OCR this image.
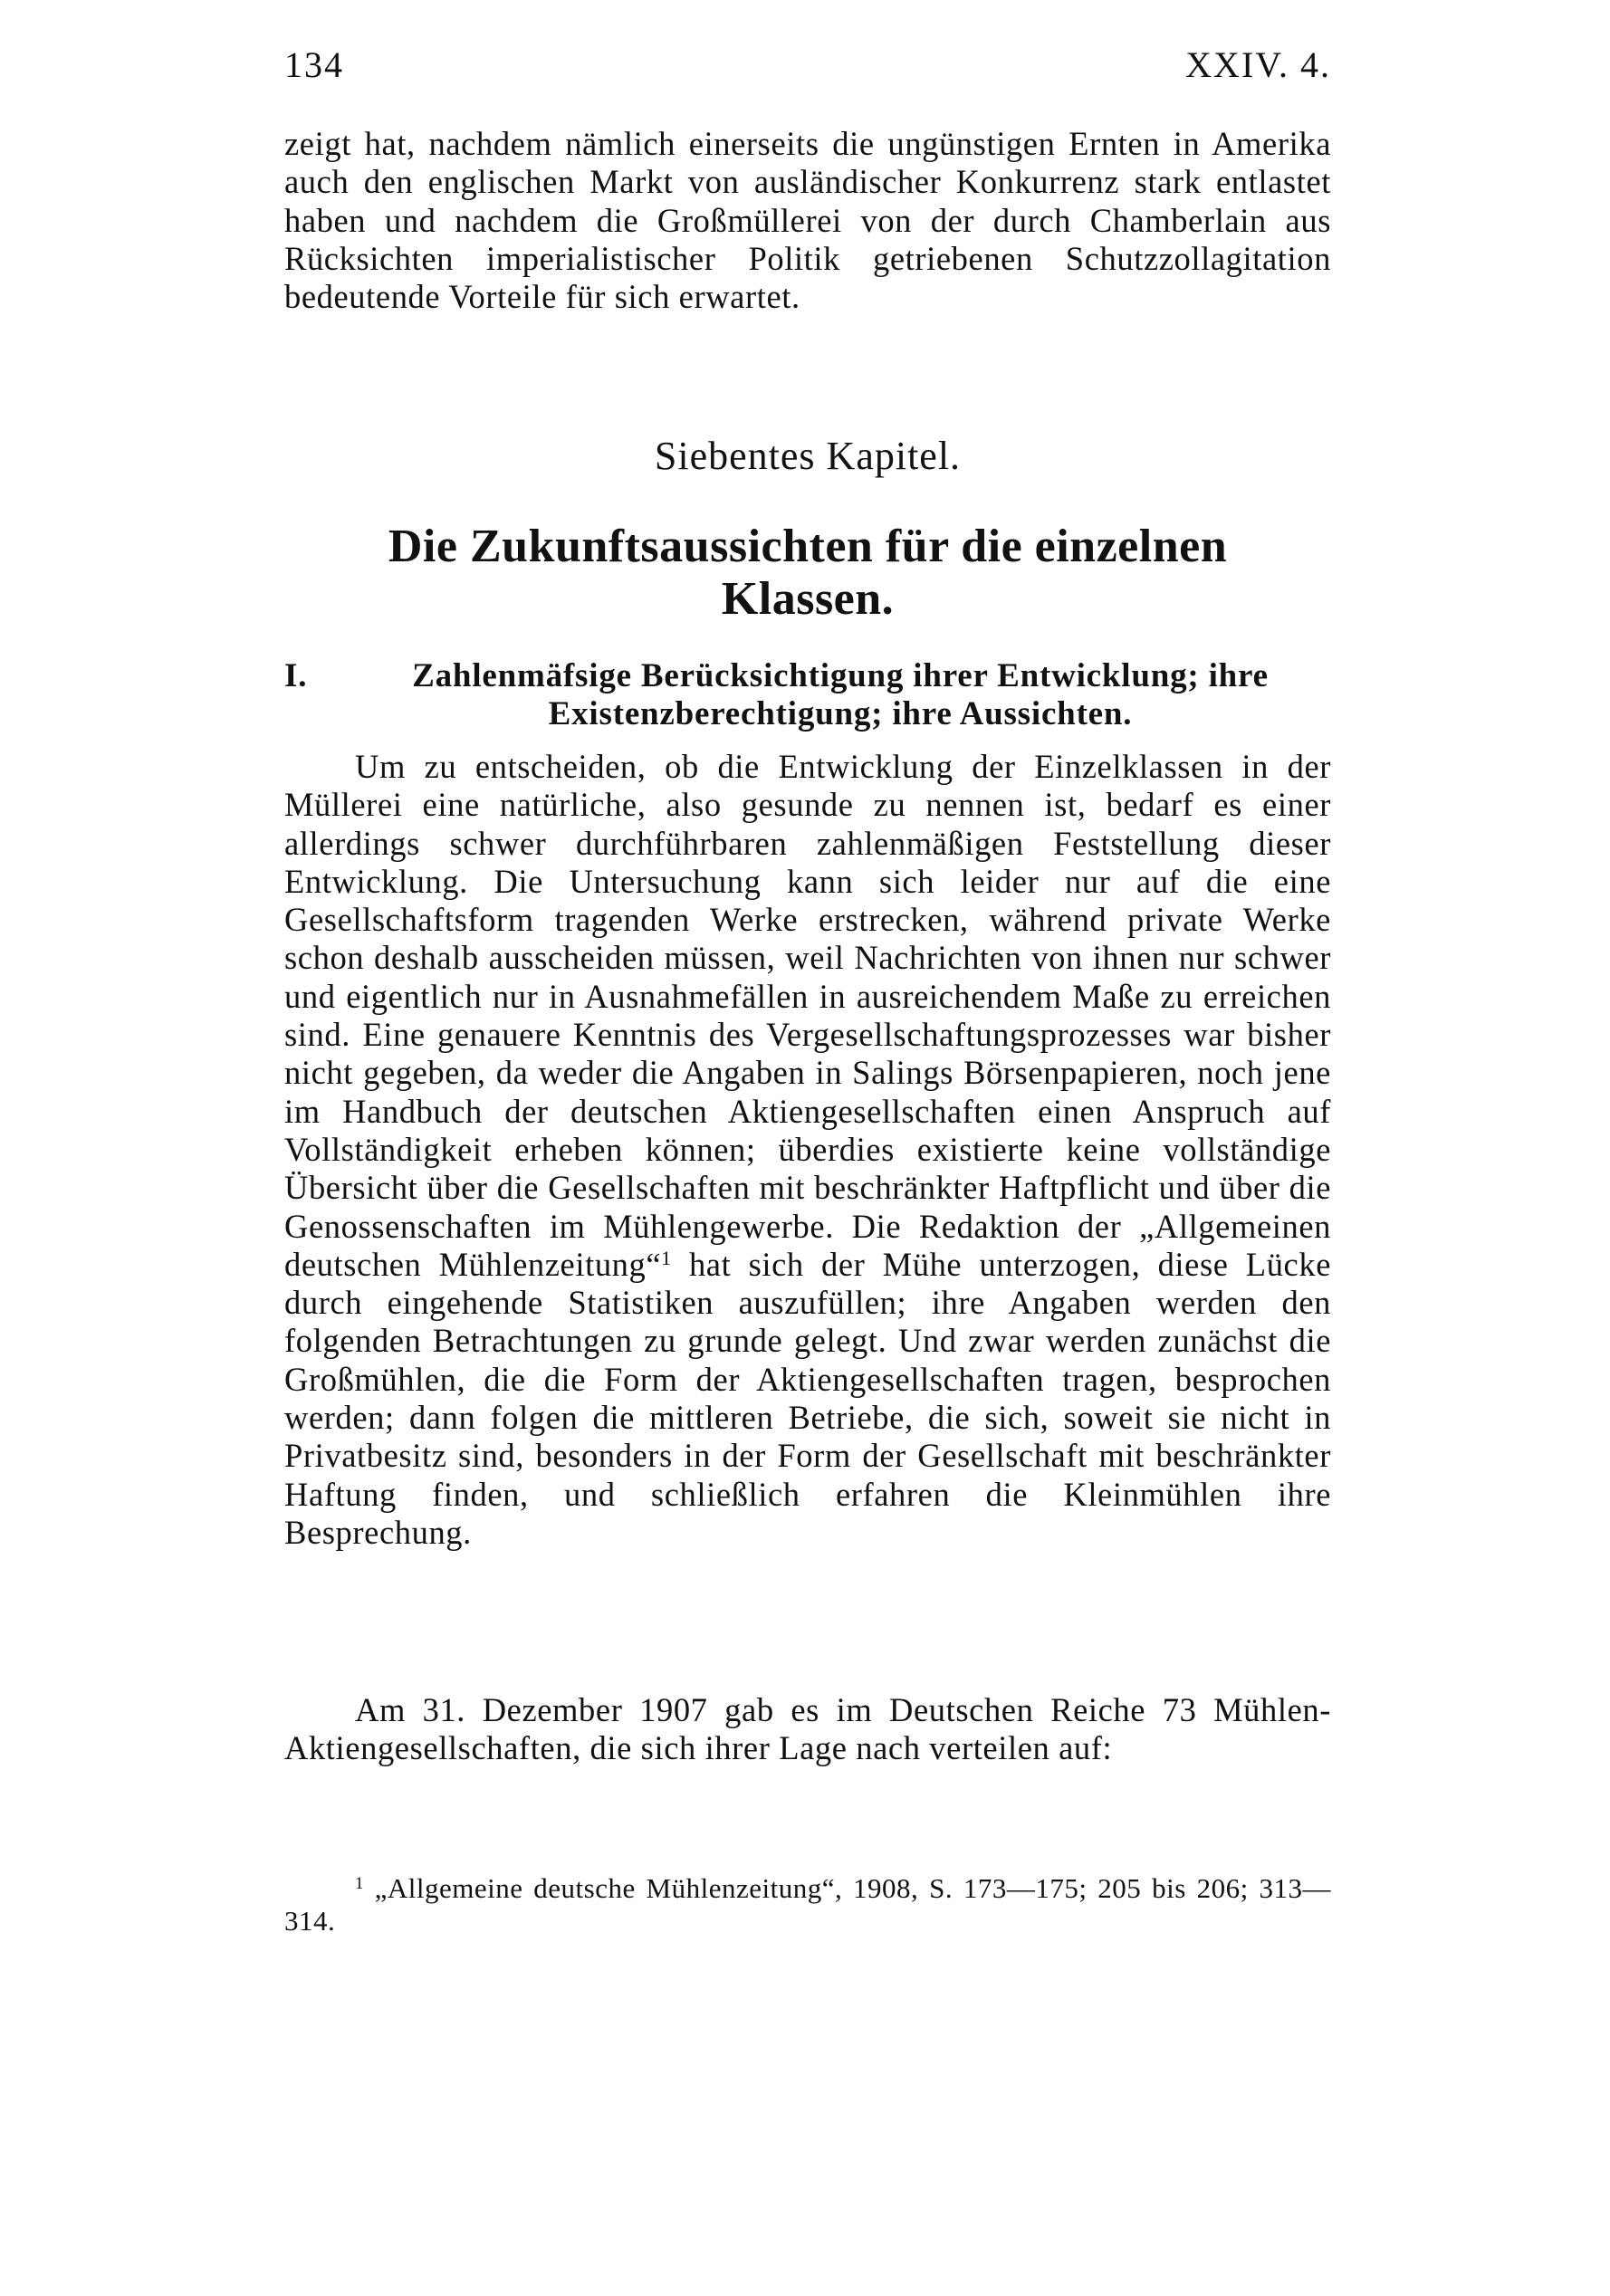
134	XXIV. 4.

zeigt hat, nachdem nämlich einerseits die ungünstigen Ernten in Amerika auch den englischen Markt von ausländischer Konkurrenz stark entlastet haben und nachdem die Großmüllerei von der durch Chamberlain aus Rücksichten imperialistischer Politik getriebenen Schutzzollagitation bedeutende Vorteile für sich erwartet.

Siebentes Kapitel.
Die Zukunftsaussichten für die einzelnen Klassen.
I.	Zahlenmäfsige Berücksichtigung ihrer Entwicklung; ihre Existenzberechtigung; ihre Aussichten.

Um zu entscheiden, ob die Entwicklung der Einzelklassen in der Müllerei eine natürliche, also gesunde zu nennen ist, bedarf es einer allerdings schwer durchführbaren zahlenmäßigen Feststellung dieser Entwicklung. Die Untersuchung kann sich leider nur auf die eine Gesellschaftsform tragenden Werke erstrecken, während private Werke schon deshalb ausscheiden müssen, weil Nachrichten von ihnen nur schwer und eigentlich nur in Ausnahmefällen in ausreichendem Maße zu erreichen sind. Eine genauere Kenntnis des Vergesellschaftungsprozesses war bisher nicht gegeben, da weder die Angaben in Salings Börsenpapieren, noch jene im Handbuch der deutschen Aktiengesellschaften einen Anspruch auf Vollständigkeit erheben können; überdies existierte keine vollständige Übersicht über die Gesellschaften mit beschränkter Haftpflicht und über die Genossenschaften im Mühlengewerbe. Die Redaktion der „Allgemeinen deutschen Mühlenzeitung“$^1$ hat sich der Mühe unterzogen, diese Lücke durch eingehende Statistiken auszufüllen; ihre Angaben werden den folgenden Betrachtungen zu grunde gelegt. Und zwar werden zunächst die Großmühlen, die die Form der Aktiengesellschaften tragen, besprochen werden; dann folgen die mittleren Betriebe, die sich, soweit sie nicht in Privatbesitz sind, besonders in der Form der Gesellschaft mit beschränkter Haftung finden, und schließlich erfahren die Kleinmühlen ihre Besprechung.

Am 31. Dezember 1907 gab es im Deutschen Reiche 73 Mühlen-Aktiengesellschaften, die sich ihrer Lage nach verteilen auf:

$^1$ „Allgemeine deutsche Mühlenzeitung“, 1908, S. 173—175; 205 bis 206; 313—314.
